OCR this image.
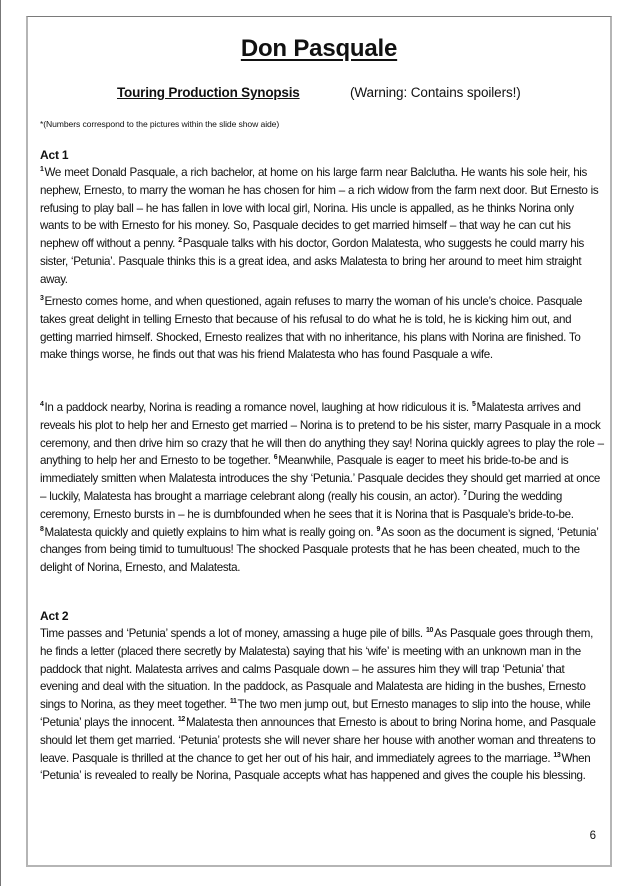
Don Pasquale
Touring Production Synopsis	(Warning: Contains spoilers!)
*(Numbers correspond to the pictures within the slide show aide)
Act 1

$^1$We meet Donald Pasquale, a rich bachelor, at home on his large farm near Balclutha. He wants his sole heir, his nephew, Ernesto, to marry the woman he has chosen for him – a rich widow from the farm next door. But Ernesto is refusing to play ball – he has fallen in love with local girl, Norina. His uncle is appalled, as he thinks Norina only wants to be with Ernesto for his money. So, Pasquale decides to get married himself – that way he can cut his nephew off without a penny. $^2$Pasquale talks with his doctor, Gordon Malatesta, who suggests he could marry his sister, ‘Petunia’. Pasquale thinks this is a great idea, and asks Malatesta to bring her around to meet him straight away.

$^3$Ernesto comes home, and when questioned, again refuses to marry the woman of his uncle’s choice. Pasquale takes great delight in telling Ernesto that because of his refusal to do what he is told, he is kicking him out, and getting married himself. Shocked, Ernesto realizes that with no inheritance, his plans with Norina are finished. To make things worse, he finds out that was his friend Malatesta who has found Pasquale a wife.

$^4$In a paddock nearby, Norina is reading a romance novel, laughing at how ridiculous it is. $^5$Malatesta arrives and reveals his plot to help her and Ernesto get married – Norina is to pretend to be his sister, marry Pasquale in a mock ceremony, and then drive him so crazy that he will then do anything they say! Norina quickly agrees to play the role – anything to help her and Ernesto to be together. $^6$Meanwhile, Pasquale is eager to meet his bride-to-be and is immediately smitten when Malatesta introduces the shy ‘Petunia.’ Pasquale decides they should get married at once – luckily, Malatesta has brought a marriage celebrant along (really his cousin, an actor). $^7$During the wedding ceremony, Ernesto bursts in – he is dumbfounded when he sees that it is Norina that is Pasquale’s bride-to-be. $^8$Malatesta quickly and quietly explains to him what is really going on. $^9$As soon as the document is signed, ‘Petunia’ changes from being timid to tumultuous! The shocked Pasquale protests that he has been cheated, much to the delight of Norina, Ernesto, and Malatesta.

Act 2

Time passes and ‘Petunia’ spends a lot of money, amassing a huge pile of bills. $^{10}$As Pasquale goes through them, he finds a letter (placed there secretly by Malatesta) saying that his ‘wife’ is meeting with an unknown man in the paddock that night. Malatesta arrives and calms Pasquale down – he assures him they will trap ‘Petunia’ that evening and deal with the situation. In the paddock, as Pasquale and Malatesta are hiding in the bushes, Ernesto sings to Norina, as they meet together. $^{11}$The two men jump out, but Ernesto manages to slip into the house, while ‘Petunia’ plays the innocent. $^{12}$Malatesta then announces that Ernesto is about to bring Norina home, and Pasquale should let them get married. ‘Petunia’ protests she will never share her house with another woman and threatens to leave. Pasquale is thrilled at the chance to get her out of his hair, and immediately agrees to the marriage. $^{13}$When ‘Petunia’ is revealed to really be Norina, Pasquale accepts what has happened and gives the couple his blessing.

6
